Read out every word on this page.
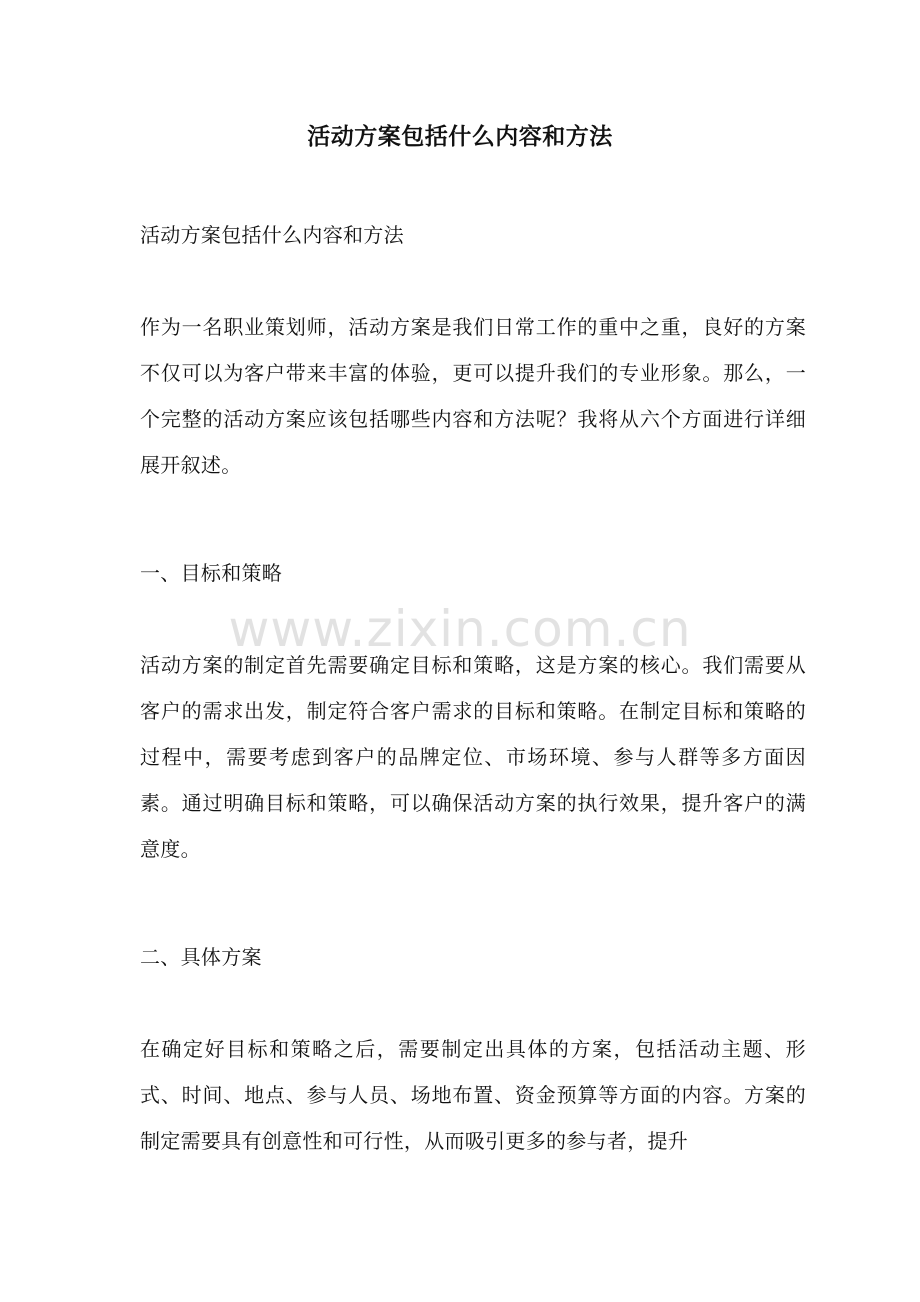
活动方案包括什么内容和方法

活动方案包括什么内容和方法

作为一名职业策划师，活动方案是我们日常工作的重中之重，良好的方案不仅可以为客户带来丰富的体验，更可以提升我们的专业形象。那么，一个完整的活动方案应该包括哪些内容和方法呢？我将从六个方面进行详细展开叙述。

一、目标和策略

活动方案的制定首先需要确定目标和策略，这是方案的核心。我们需要从客户的需求出发，制定符合客户需求的目标和策略。在制定目标和策略的过程中，需要考虑到客户的品牌定位、市场环境、参与人群等多方面因素。通过明确目标和策略，可以确保活动方案的执行效果，提升客户的满意度。

二、具体方案

在确定好目标和策略之后，需要制定出具体的方案，包括活动主题、形式、时间、地点、参与人员、场地布置、资金预算等方面的内容。方案的制定需要具有创意性和可行性，从而吸引更多的参与者，提升

www.zixin.com.cn
